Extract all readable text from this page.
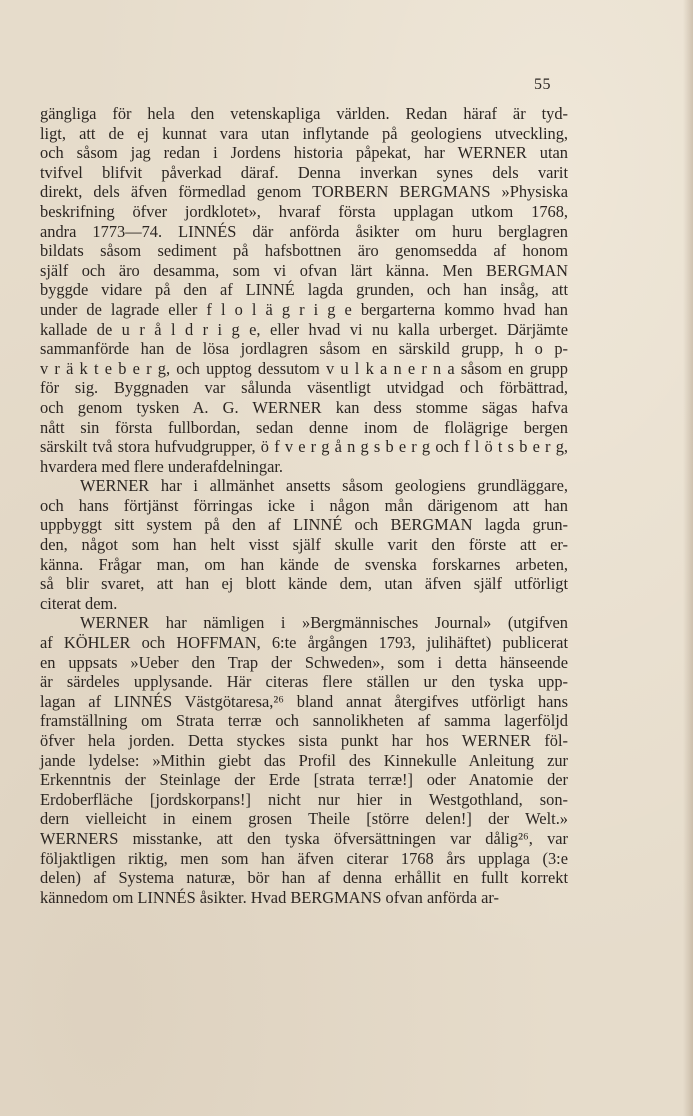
55

gängliga för hela den vetenskapliga världen. Redan häraf är tyd-
ligt, att de ej kunnat vara utan inflytande på geologiens utveckling,
och såsom jag redan i Jordens historia påpekat, har WERNER utan
tvifvel blifvit påverkad däraf. Denna inverkan synes dels varit
direkt, dels äfven förmedlad genom TORBERN BERGMANS »Physiska
beskrifning öfver jordklotet», hvaraf första upplagan utkom 1768,
andra 1773—74. LINNÉS där anförda åsikter om huru berglagren
bildats såsom sediment på hafsbottnen äro genomsedda af honom
själf och äro desamma, som vi ofvan lärt känna. Men BERGMAN
byggde vidare på den af LINNÉ lagda grunden, och han insåg, att
under de lagrade eller f l o l ä g r i g e bergarterna kommo hvad han
kallade de u r å l d r i g e, eller hvad vi nu kalla urberget. Därjämte
sammanförde han de lösa jordlagren såsom en särskild grupp, h o p-
v r ä k t e b e r g, och upptog dessutom v u l k a n e r n a såsom en grupp
för sig. Byggnaden var sålunda väsentligt utvidgad och förbättrad,
och genom tysken A. G. WERNER kan dess stomme sägas hafva
nått sin första fullbordan, sedan denne inom de flolägrige bergen
särskilt två stora hufvudgrupper, ö f v e r g å n g s b e r g och f l ö t s b e r g,
hvardera med flere underafdelningar.

WERNER har i allmänhet ansetts såsom geologiens grundläggare,
och hans förtjänst förringas icke i någon mån därigenom att han
uppbyggt sitt system på den af LINNÉ och BERGMAN lagda grun-
den, något som han helt visst själf skulle varit den förste att er-
känna. Frågar man, om han kände de svenska forskarnes arbeten,
så blir svaret, att han ej blott kände dem, utan äfven själf utförligt
citerat dem.

WERNER har nämligen i »Bergmännisches Journal» (utgifven
af KÖHLER och HOFFMAN, 6:te årgången 1793, julihäftet) publicerat
en uppsats »Ueber den Trap der Schweden», som i detta hänseende
är särdeles upplysande. Här citeras flere ställen ur den tyska upp-
lagan af LINNÉS Västgötaresa,²⁶ bland annat återgifves utförligt hans
framställning om Strata terræ och sannolikheten af samma lagerföljd
öfver hela jorden. Detta styckes sista punkt har hos WERNER föl-
jande lydelse: »Mithin giebt das Profil des Kinnekulle Anleitung zur
Erkenntnis der Steinlage der Erde [strata terræ!] oder Anatomie der
Erdoberfläche [jordskorpans!] nicht nur hier in Westgothland, son-
dern vielleicht in einem grosen Theile [större delen!] der Welt.»
WERNERS misstanke, att den tyska öfversättningen var dålig²⁶, var
följaktligen riktig, men som han äfven citerar 1768 års upplaga (3:e
delen) af Systema naturæ, bör han af denna erhållit en fullt korrekt
kännedom om LINNÉS åsikter. Hvad BERGMANS ofvan anförda ar-
